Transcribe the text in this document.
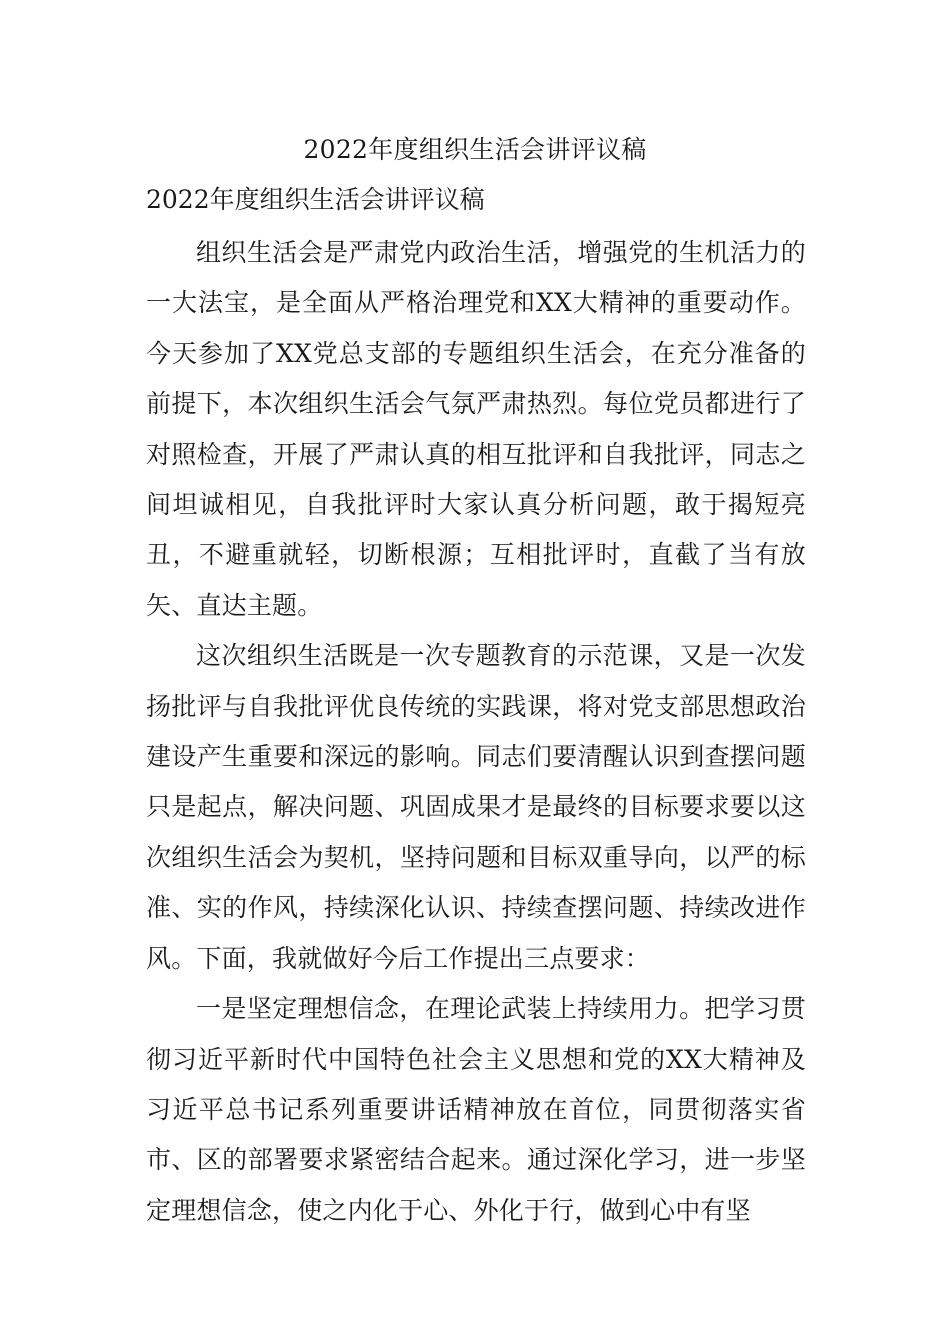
2022年度组织生活会讲评议稿
2022年度组织生活会讲评议稿

组织生活会是严肃党内政治生活，增强党的生机活力的一大法宝，是全面从严格治理党和XX大精神的重要动作。今天参加了XX党总支部的专题组织生活会，在充分准备的前提下，本次组织生活会气氛严肃热烈。每位党员都进行了对照检查，开展了严肃认真的相互批评和自我批评，同志之间坦诚相见，自我批评时大家认真分析问题，敢于揭短亮丑，不避重就轻，切断根源；互相批评时，直截了当有放矢、直达主题。

这次组织生活既是一次专题教育的示范课，又是一次发扬批评与自我批评优良传统的实践课，将对党支部思想政治建设产生重要和深远的影响。同志们要清醒认识到查摆问题只是起点，解决问题、巩固成果才是最终的目标要求要以这次组织生活会为契机，坚持问题和目标双重导向，以严的标准、实的作风，持续深化认识、持续查摆问题、持续改进作风。下面，我就做好今后工作提出三点要求：

一是坚定理想信念，在理论武装上持续用力。把学习贯彻习近平新时代中国特色社会主义思想和党的XX大精神及习近平总书记系列重要讲话精神放在首位，同贯彻落实省市、区的部署要求紧密结合起来。通过深化学习，进一步坚定理想信念，使之内化于心、外化于行，做到心中有坚
